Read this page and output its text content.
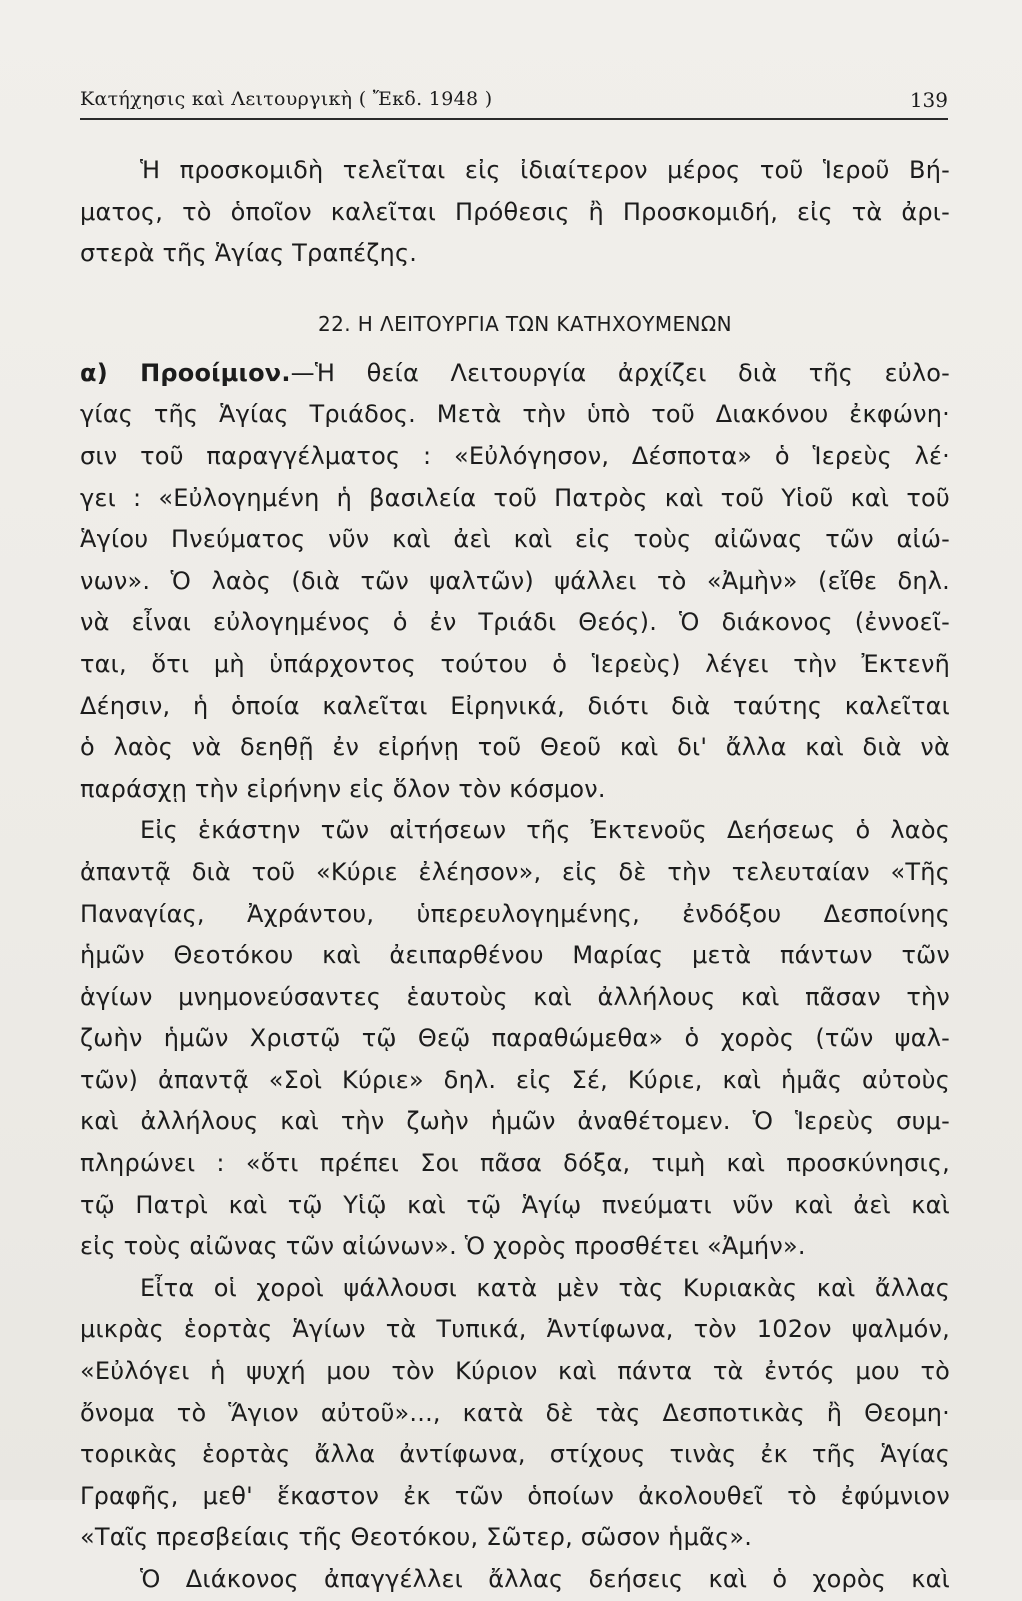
Κατήχησις καὶ Λειτουργικὴ ( Ἔκδ. 1948 )	139
Ἡ προσκομιδὴ τελεῖται εἰς ἰδιαίτερον μέρος τοῦ Ἱεροῦ Βή-
ματος, τὸ ὁποῖον καλεῖται Πρόθεσις ἢ Προσκομιδή, εἰς τὰ ἀρι-
στερὰ τῆς Ἁγίας Τραπέζης.
22. Η ΛΕΙΤΟΥΡΓΙΑ ΤΩΝ ΚΑΤΗΧΟΥΜΕΝΩΝ
α) Προοίμιον.—Ἡ θεία Λειτουργία ἀρχίζει διὰ τῆς εὐλο-
γίας τῆς Ἁγίας Τριάδος. Μετὰ τὴν ὑπὸ τοῦ Διακόνου ἐκφώνη·
σιν τοῦ παραγγέλματος : «Εὐλόγησον, Δέσποτα» ὁ Ἱερεὺς λέ·
γει : «Εὐλογημένη ἡ βασιλεία τοῦ Πατρὸς καὶ τοῦ Υἱοῦ καὶ τοῦ
Ἁγίου Πνεύματος νῦν καὶ ἀεὶ καὶ εἰς τοὺς αἰῶνας τῶν αἰώ-
νων». Ὁ λαὸς (διὰ τῶν ψαλτῶν) ψάλλει τὸ «Ἀμὴν» (εἴθε δηλ.
νὰ εἶναι εὐλογημένος ὁ ἐν Τριάδι Θεός). Ὁ διάκονος (ἐννοεῖ-
ται, ὅτι μὴ ὑπάρχοντος τούτου ὁ Ἱερεὺς) λέγει τὴν Ἐκτενῆ
Δέησιν, ἡ ὁποία καλεῖται Εἰρηνικά, διότι διὰ ταύτης καλεῖται
ὁ λαὸς νὰ δεηθῇ ἐν εἰρήνῃ τοῦ Θεοῦ καὶ δι' ἄλλα καὶ διὰ νὰ
παράσχῃ τὴν εἰρήνην εἰς ὅλον τὸν κόσμον.
Εἰς ἑκάστην τῶν αἰτήσεων τῆς Ἐκτενοῦς Δεήσεως ὁ λαὸς
ἀπαντᾷ διὰ τοῦ «Κύριε ἐλέησον», εἰς δὲ τὴν τελευταίαν «Τῆς
Παναγίας, Ἀχράντου, ὑπερευλογημένης, ἐνδόξου Δεσποίνης
ἡμῶν Θεοτόκου καὶ ἀειπαρθένου Μαρίας μετὰ πάντων τῶν
ἁγίων μνημονεύσαντες ἑαυτοὺς καὶ ἀλλήλους καὶ πᾶσαν τὴν
ζωὴν ἡμῶν Χριστῷ τῷ Θεῷ παραθώμεθα» ὁ χορὸς (τῶν ψαλ-
τῶν) ἀπαντᾷ «Σοὶ Κύριε» δηλ. εἰς Σέ, Κύριε, καὶ ἡμᾶς αὐτοὺς
καὶ ἀλλήλους καὶ τὴν ζωὴν ἡμῶν ἀναθέτομεν. Ὁ Ἱερεὺς συμ-
πληρώνει : «ὅτι πρέπει Σοι πᾶσα δόξα, τιμὴ καὶ προσκύνησις,
τῷ Πατρὶ καὶ τῷ Υἱῷ καὶ τῷ Ἁγίῳ πνεύματι νῦν καὶ ἀεὶ καὶ
εἰς τοὺς αἰῶνας τῶν αἰώνων». Ὁ χορὸς προσθέτει «Ἀμήν».
Εἶτα οἱ χοροὶ ψάλλουσι κατὰ μὲν τὰς Κυριακὰς καὶ ἄλλας
μικρὰς ἑορτὰς Ἁγίων τὰ Τυπικά, Ἀντίφωνα, τὸν 102ον ψαλμόν,
«Εὐλόγει ἡ ψυχή μου τὸν Κύριον καὶ πάντα τὰ ἐντός μου τὸ
ὄνομα τὸ Ἅγιον αὐτοῦ»..., κατὰ δὲ τὰς Δεσποτικὰς ἢ Θεομη·
τορικὰς ἑορτὰς ἄλλα ἀντίφωνα, στίχους τινὰς ἐκ τῆς Ἁγίας
Γραφῆς, μεθ' ἕκαστον ἐκ τῶν ὁποίων ἀκολουθεῖ τὸ ἐφύμνιον
«Ταῖς πρεσβείαις τῆς Θεοτόκου, Σῶτερ, σῶσον ἡμᾶς».
Ὁ Διάκονος ἀπαγγέλλει ἄλλας δεήσεις καὶ ὁ χορὸς καὶ
